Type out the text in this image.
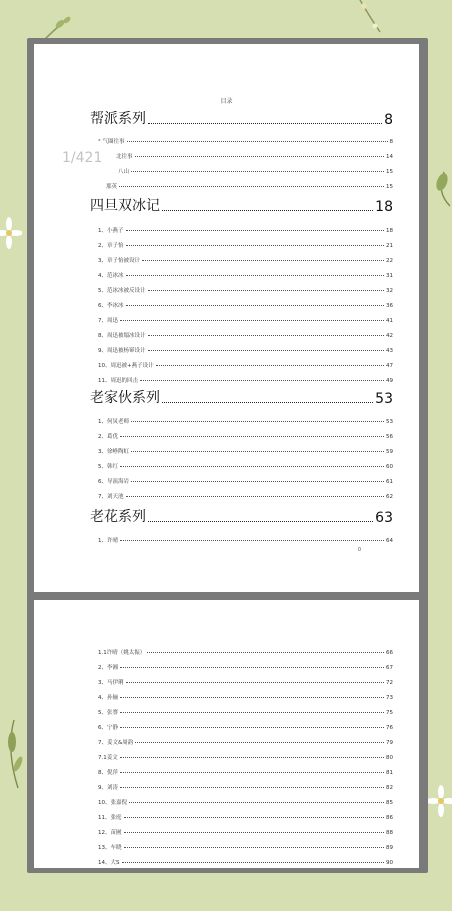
目录
1/421
帮派系列	8
° 气圈往事	8
北往事	14
八山	15
那英	15
四旦双冰记	18
1、小燕子	18
2、章子怡	21
3、章子怡被设计	22
4、范冰冰	31
5、范冰冰被反设计	32
6、李冰冰	36
7、周迅	41
8、周迅被塌冰设计	42
9、周迅被杨幂设计	43
10、周迅被+燕子设计	47
11、周迅的回击	49
老家伙系列	53
1、何炅老师	53
2、葛优	56
3、徐峥陶虹	59
5、韩红	60
6、导演海岩	61
7、刘天池	62
老花系列	63
1、许晴	64
0
1.1许晴（姚太振）	66
2、李湘	67
3、马伊琍	72
4、孙俪	73
5、张謇	75
6、宁静	76
7、姜文&周韵	79
7.1姜文	80
8、倪萍	81
9、刘涛	82
10、张嘉倪	85
11、张庭	86
12、苗圃	88
13、车晓	89
14、大S	90
